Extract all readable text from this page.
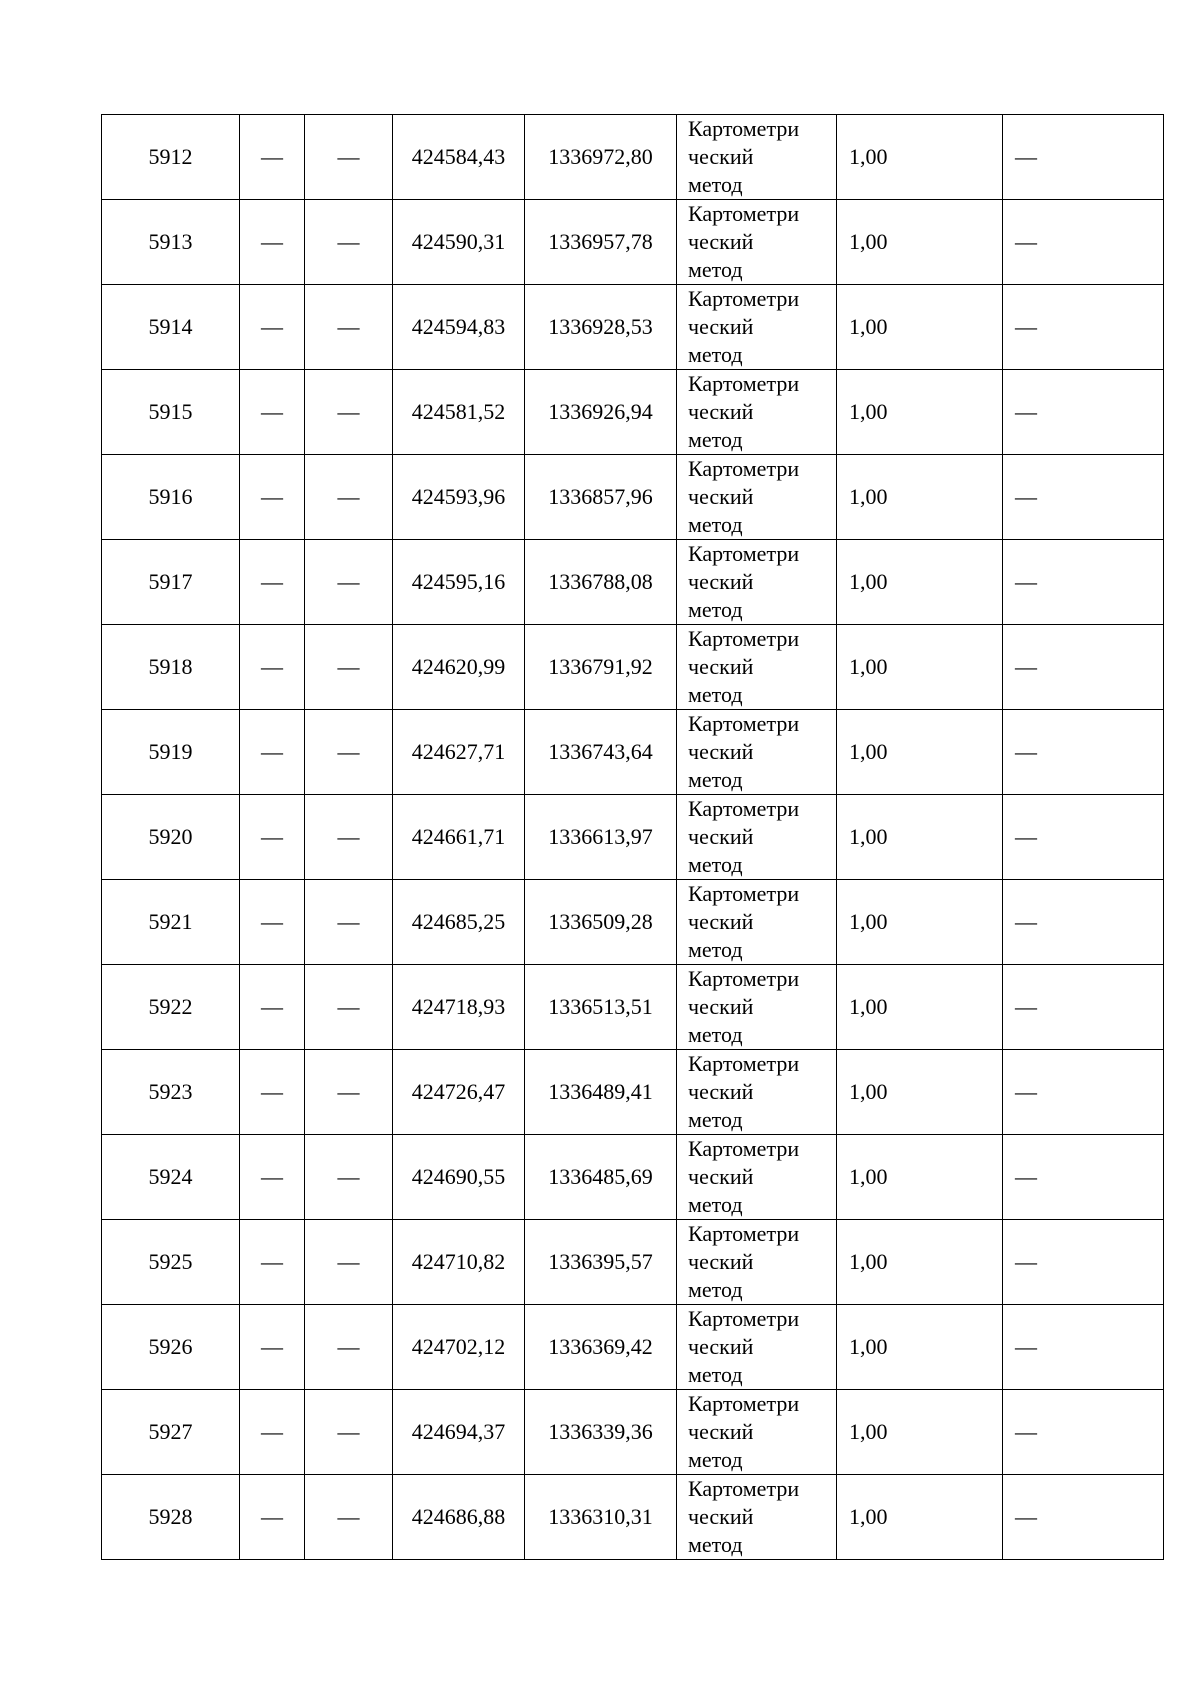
5912	—	—	424584,43	1336972,80	Картометри
ческий
метод	1,00	—
5913	—	—	424590,31	1336957,78	Картометри
ческий
метод	1,00	—
5914	—	—	424594,83	1336928,53	Картометри
ческий
метод	1,00	—
5915	—	—	424581,52	1336926,94	Картометри
ческий
метод	1,00	—
5916	—	—	424593,96	1336857,96	Картометри
ческий
метод	1,00	—
5917	—	—	424595,16	1336788,08	Картометри
ческий
метод	1,00	—
5918	—	—	424620,99	1336791,92	Картометри
ческий
метод	1,00	—
5919	—	—	424627,71	1336743,64	Картометри
ческий
метод	1,00	—
5920	—	—	424661,71	1336613,97	Картометри
ческий
метод	1,00	—
5921	—	—	424685,25	1336509,28	Картометри
ческий
метод	1,00	—
5922	—	—	424718,93	1336513,51	Картометри
ческий
метод	1,00	—
5923	—	—	424726,47	1336489,41	Картометри
ческий
метод	1,00	—
5924	—	—	424690,55	1336485,69	Картометри
ческий
метод	1,00	—
5925	—	—	424710,82	1336395,57	Картометри
ческий
метод	1,00	—
5926	—	—	424702,12	1336369,42	Картометри
ческий
метод	1,00	—
5927	—	—	424694,37	1336339,36	Картометри
ческий
метод	1,00	—
5928	—	—	424686,88	1336310,31	Картометри
ческий
метод	1,00	—
